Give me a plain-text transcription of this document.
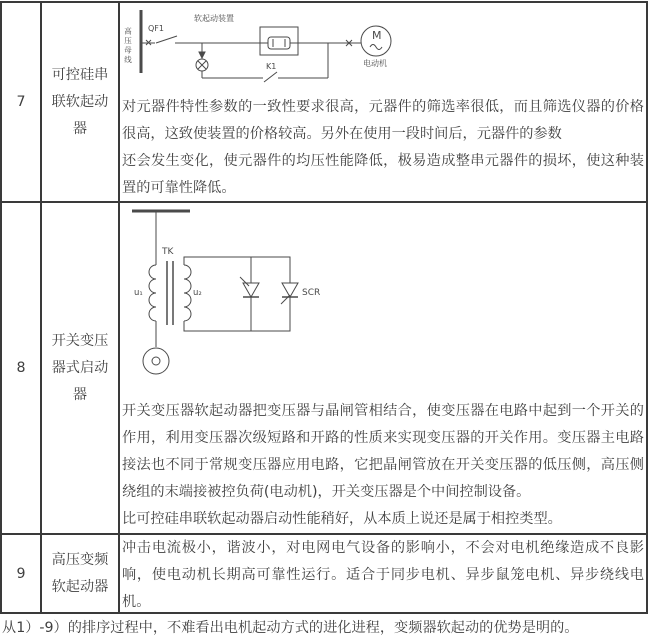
7
可控硅串联软起动器
高压母线 QF1
软起动装置
K1
M
电动机

对元器件特性参数的一致性要求很高，元器件的筛选率很低，而且筛选仪器的价格很高，这致使装置的价格较高。另外在使用一段时间后，元器件的参数

还会发生变化，使元器件的均压性能降低，极易造成整串元器件的损坏，使这种装置的可靠性降低。

8
开关变压器式启动器
TK
u₁	u₂	SCR

开关变压器软起动器把变压器与晶闸管相结合，使变压器在电路中起到一个开关的作用，利用变压器次级短路和开路的性质来实现变压器的开关作用。变压器主电路接法也不同于常规变压器应用电路，它把晶闸管放在开关变压器的低压侧，高压侧绕组的末端接被控负荷(电动机)，开关变压器是个中间控制设备。

比可控硅串联软起动器启动性能稍好，从本质上说还是属于相控类型。

9
高压变频软起动器

冲击电流极小，谐波小，对电网电气设备的影响小，不会对电机绝缘造成不良影响，使电动机长期高可靠性运行。适合于同步电机、异步鼠笼电机、异步绕线电机。

从1）-9）的排序过程中，不难看出电机起动方式的进化进程，变频器软起动的优势是明的。
